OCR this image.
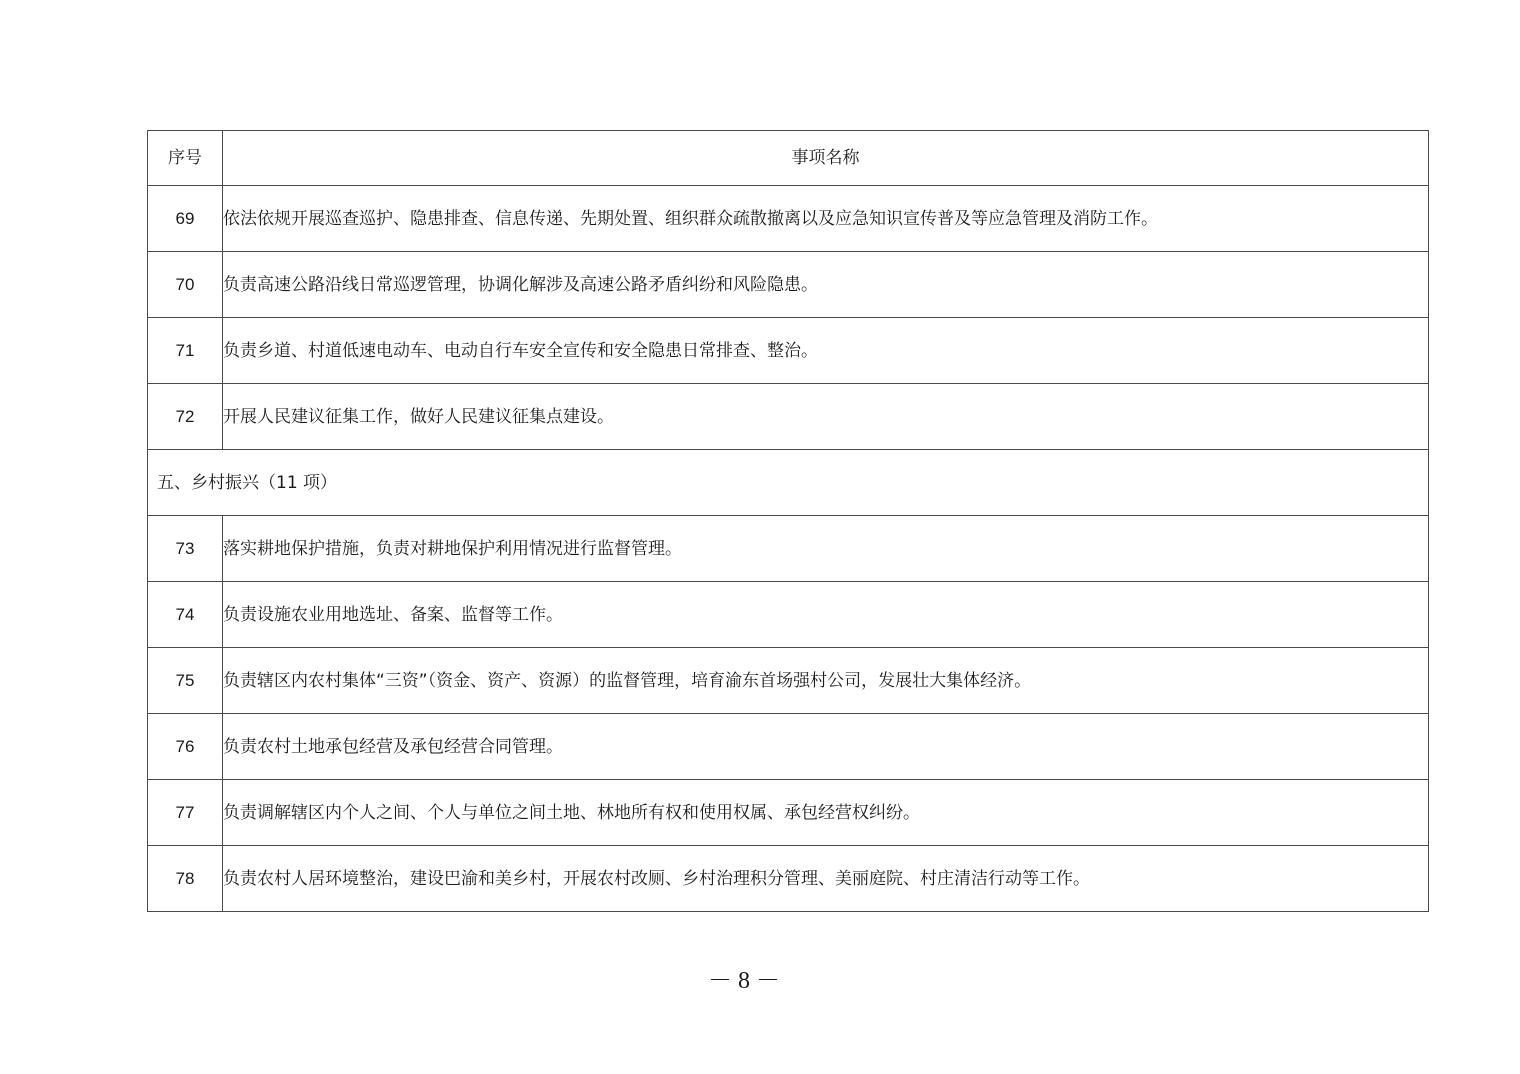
序号	事项名称
69	依法依规开展巡查巡护、隐患排查、信息传递、先期处置、组织群众疏散撤离以及应急知识宣传普及等应急管理及消防工作。
70	负责高速公路沿线日常巡逻管理，协调化解涉及高速公路矛盾纠纷和风险隐患。
71	负责乡道、村道低速电动车、电动自行车安全宣传和安全隐患日常排查、整治。
72	开展人民建议征集工作，做好人民建议征集点建设。
五、乡村振兴（11 项）	
73	落实耕地保护措施，负责对耕地保护利用情况进行监督管理。
74	负责设施农业用地选址、备案、监督等工作。
75	负责辖区内农村集体“三资”（资金、资产、资源）的监督管理，培育渝东首场强村公司，发展壮大集体经济。
76	负责农村土地承包经营及承包经营合同管理。
77	负责调解辖区内个人之间、个人与单位之间土地、林地所有权和使用权属、承包经营权纠纷。
78	负责农村人居环境整治，建设巴渝和美乡村，开展农村改厕、乡村治理积分管理、美丽庭院、村庄清洁行动等工作。
－ 8 －
